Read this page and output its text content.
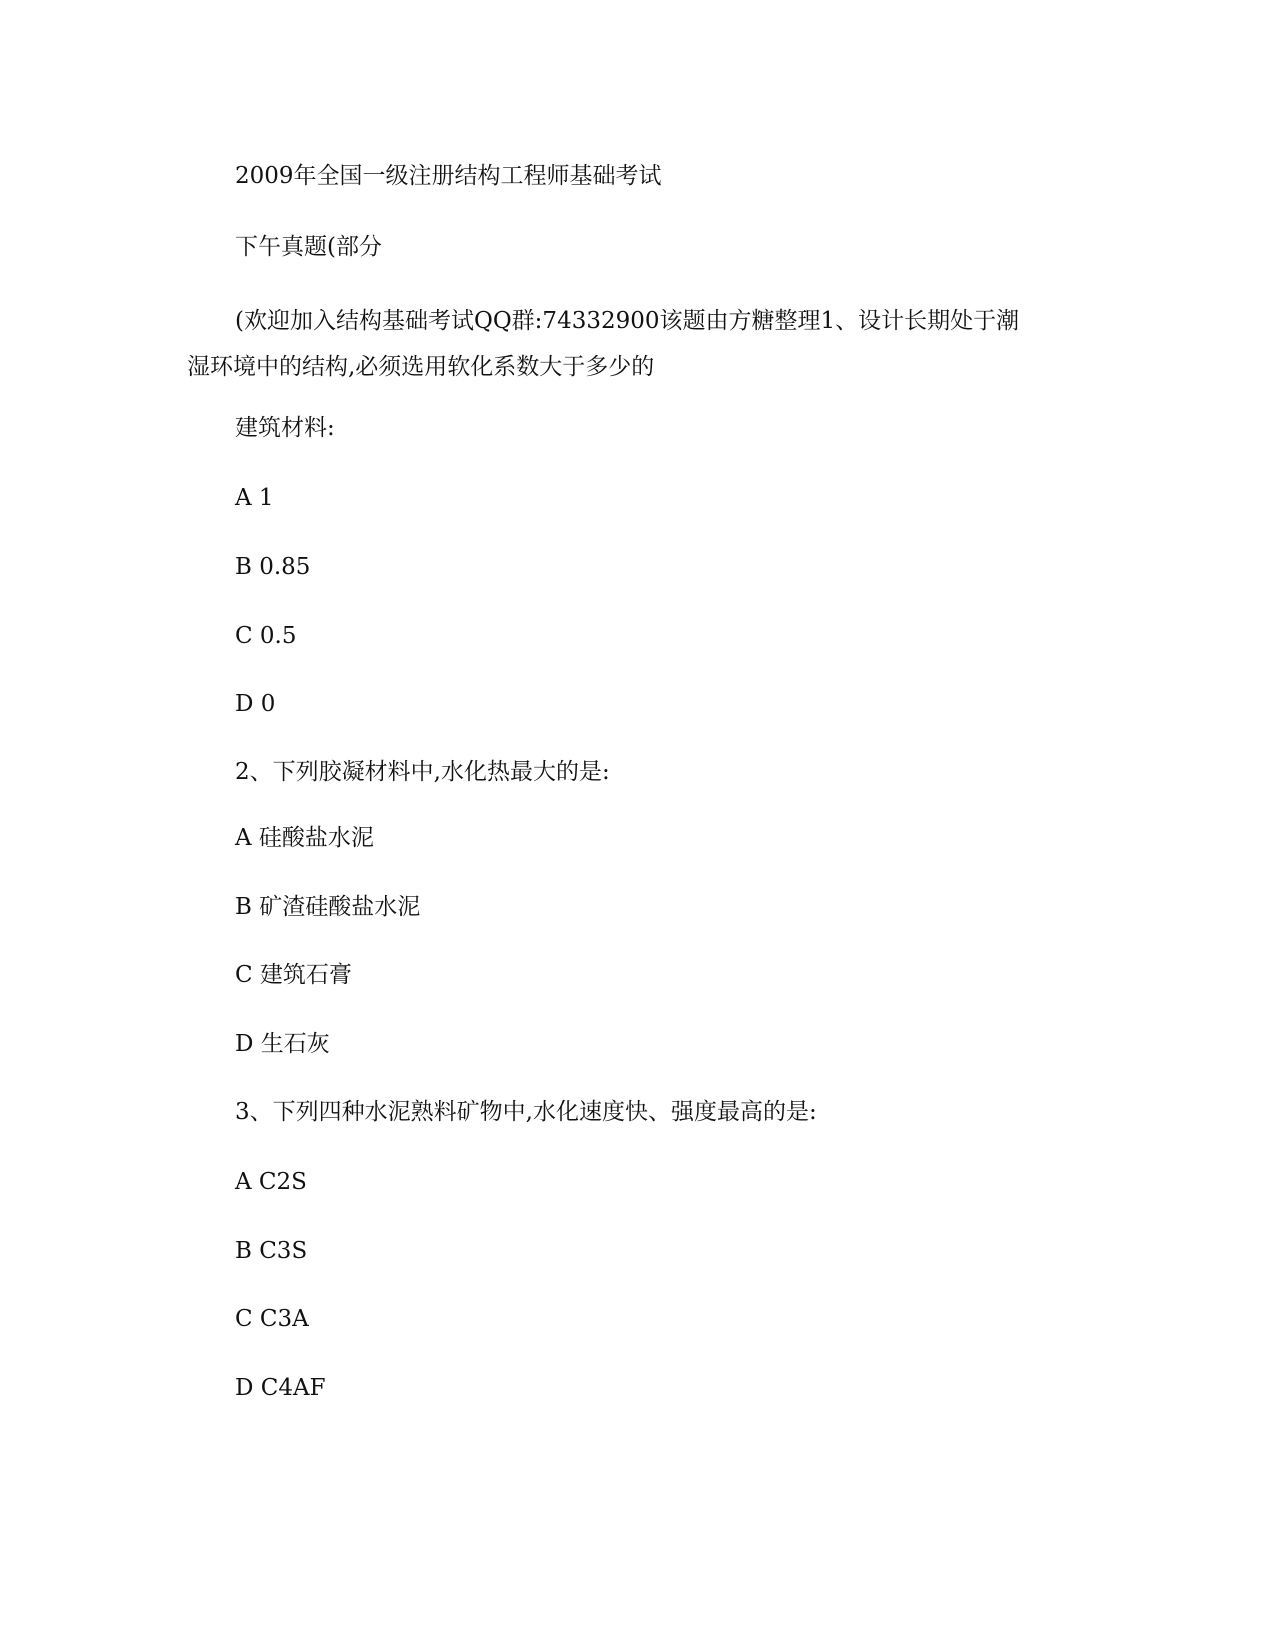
2009年全国一级注册结构工程师基础考试

下午真题(部分

(欢迎加入结构基础考试QQ群:74332900该题由方糖整理1、设计长期处于潮
湿环境中的结构,必须选用软化系数大于多少的

建筑材料:

A 1

B 0.85

C 0.5

D 0

2、下列胶凝材料中,水化热最大的是:

A 硅酸盐水泥

B 矿渣硅酸盐水泥

C 建筑石膏

D 生石灰

3、下列四种水泥熟料矿物中,水化速度快、强度最高的是:

A C2S

B C3S

C C3A

D C4AF
